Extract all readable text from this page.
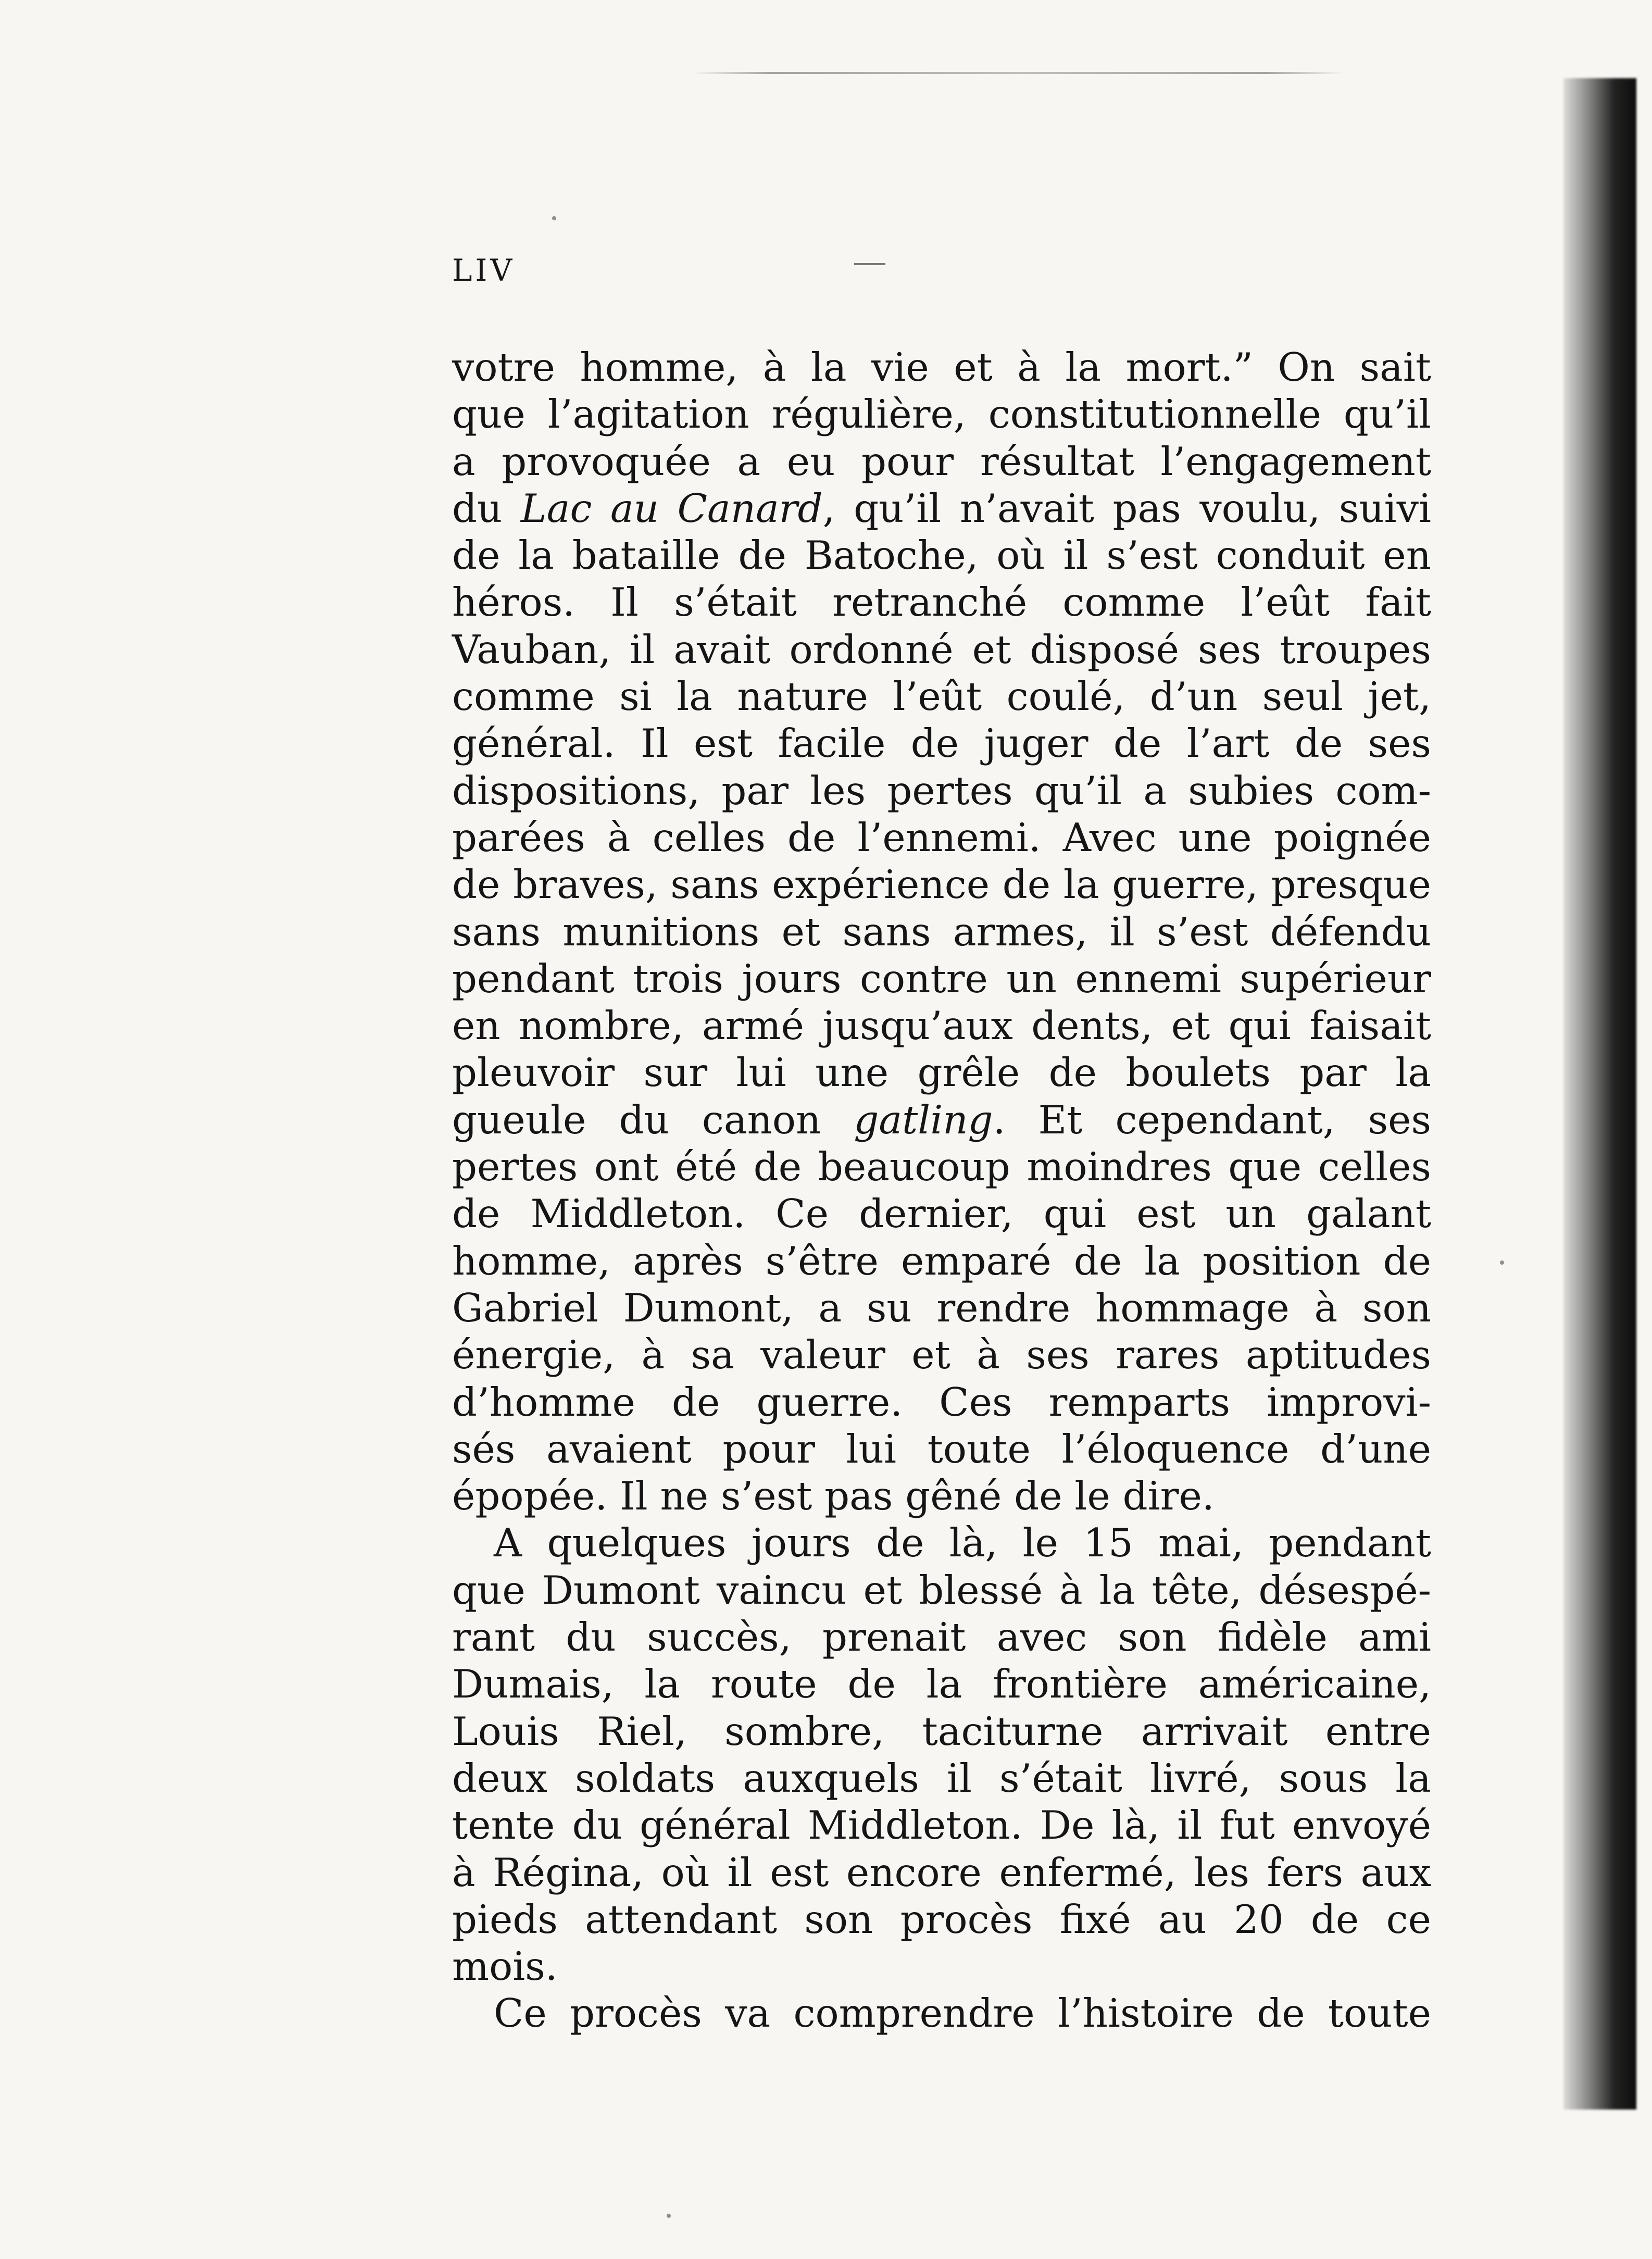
LIV
votre homme, à la vie et à la mort.” On sait
que l’agitation régulière, constitutionnelle qu’il
a provoquée a eu pour résultat l’engagement
du Lac au Canard, qu’il n’avait pas voulu, suivi
de la bataille de Batoche, où il s’est conduit en
héros. Il s’était retranché comme l’eût fait
Vauban, il avait ordonné et disposé ses troupes
comme si la nature l’eût coulé, d’un seul jet,
général. Il est facile de juger de l’art de ses
dispositions, par les pertes qu’il a subies com-
parées à celles de l’ennemi. Avec une poignée
de braves, sans expérience de la guerre, presque
sans munitions et sans armes, il s’est défendu
pendant trois jours contre un ennemi supérieur
en nombre, armé jusqu’aux dents, et qui faisait
pleuvoir sur lui une grêle de boulets par la
gueule du canon gatling. Et cependant, ses
pertes ont été de beaucoup moindres que celles
de Middleton. Ce dernier, qui est un galant
homme, après s’être emparé de la position de
Gabriel Dumont, a su rendre hommage à son
énergie, à sa valeur et à ses rares aptitudes
d’homme de guerre. Ces remparts improvi-
sés avaient pour lui toute l’éloquence d’une
épopée. Il ne s’est pas gêné de le dire.
A quelques jours de là, le 15 mai, pendant
que Dumont vaincu et blessé à la tête, désespé-
rant du succès, prenait avec son fidèle ami
Dumais, la route de la frontière américaine,
Louis Riel, sombre, taciturne arrivait entre
deux soldats auxquels il s’était livré, sous la
tente du général Middleton. De là, il fut envoyé
à Régina, où il est encore enfermé, les fers aux
pieds attendant son procès fixé au 20 de ce
mois.
Ce procès va comprendre l’histoire de toute
